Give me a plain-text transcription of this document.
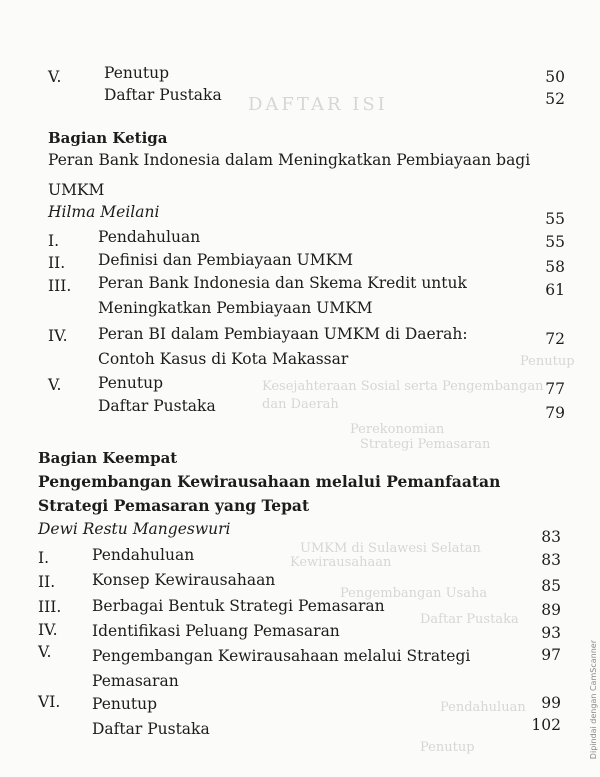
DAFTAR ISI
Penutup
Kesejahteraan Sosial serta Pengembangan
dan Daerah
Perekonomian
Strategi Pemasaran
UMKM di Sulawesi Selatan
Kewirausahaan
Pengembangan Usaha
Daftar Pustaka
Pendahuluan
Penutup
V.	Penutup	50
Daftar Pustaka	52
Bagian Ketiga
Peran Bank Indonesia dalam Meningkatkan Pembiayaan bagi
UMKM
Hilma Meilani	55
I.	Pendahuluan	55
II. Definisi dan Pembiayaan UMKM	58
III. Peran Bank Indonesia dan Skema Kredit untuk	61
Meningkatkan Pembiayaan UMKM
IV. Peran BI dalam Pembiayaan UMKM di Daerah:	72
Contoh Kasus di Kota Makassar
V. Penutup	77
Daftar Pustaka	79
Bagian Keempat
Pengembangan Kewirausahaan melalui Pemanfaatan
Strategi Pemasaran yang Tepat
Dewi Restu Mangeswuri	83
I.	Pendahuluan	83
II. Konsep Kewirausahaan	85
III. Berbagai Bentuk Strategi Pemasaran	89
IV. Identifikasi Peluang Pemasaran	93
V.	Pengembangan Kewirausahaan melalui Strategi	97
Pemasaran
VI. Penutup	99
Daftar Pustaka	102	Dipindai dengan CamScanner
